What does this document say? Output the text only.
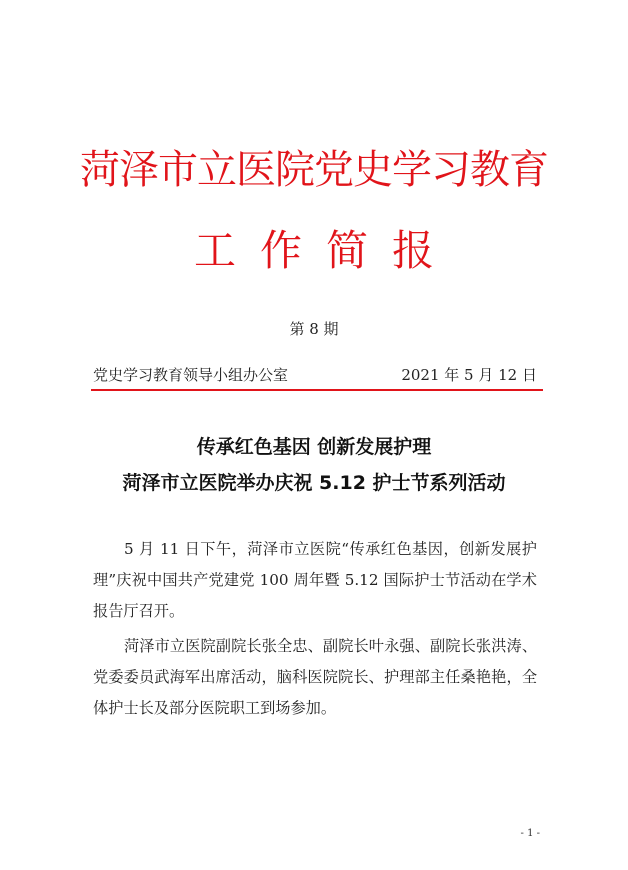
菏泽市立医院党史学习教育
工作简报
第 8 期
党史学习教育领导小组办公室	2021 年 5 月 12 日
传承红色基因 创新发展护理
菏泽市立医院举办庆祝 5.12 护士节系列活动

5 月 11 日下午，菏泽市立医院“传承红色基因，创新发展护理”庆祝中国共产党建党 100 周年暨 5.12 国际护士节活动在学术报告厅召开。

菏泽市立医院副院长张全忠、副院长叶永强、副院长张洪涛、党委委员武海军出席活动，脑科医院院长、护理部主任桑艳艳，全体护士长及部分医院职工到场参加。

- 1 -
